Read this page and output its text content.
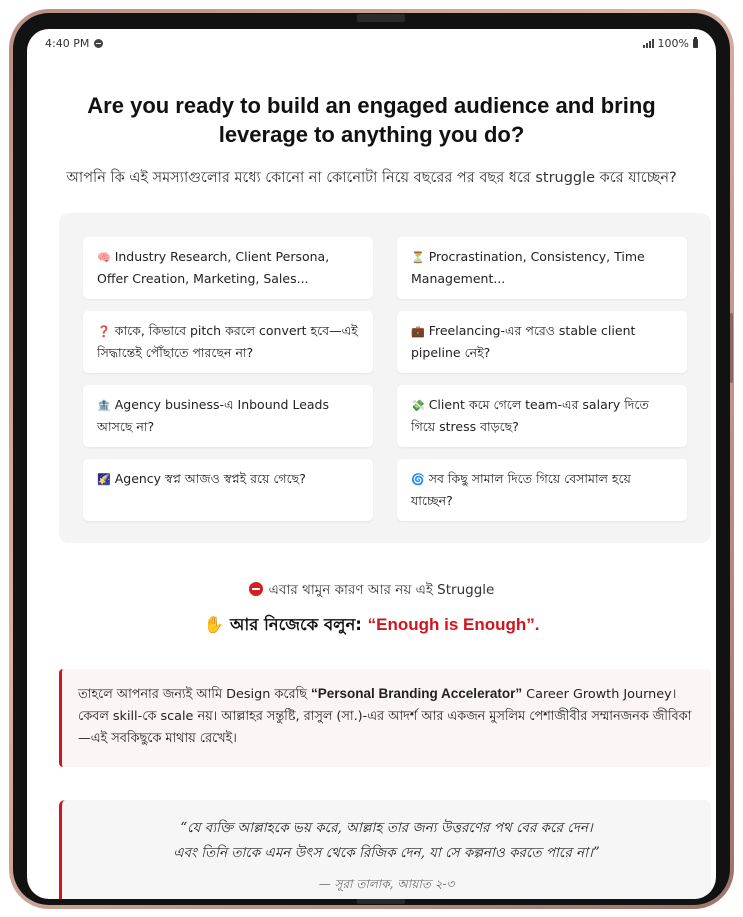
4:40 PM	100%
Are you ready to build an engaged audience and bring leverage to anything you do?
আপনি কি এই সমস্যাগুলোর মধ্যে কোনো না কোনোটা নিয়ে বছরের পর বছর ধরে struggle করে যাচ্ছেন?
🧠 Industry Research, Client Persona, Offer Creation, Marketing, Sales...
⏳ Procrastination, Consistency, Time Management...
❓ কাকে, কিভাবে pitch করলে convert হবে—এই সিদ্ধান্তেই পৌঁছাতে পারছেন না?
💼 Freelancing-এর পরেও stable client pipeline নেই?
🏦 Agency business-এ Inbound Leads আসছে না?
💸 Client কমে গেলে team-এর salary দিতে গিয়ে stress বাড়ছে?
🌠 Agency স্বপ্ন আজও স্বপ্নই রয়ে গেছে?	🌀 সব কিছু সামাল দিতে গিয়ে বেসামাল হয়ে যাচ্ছেন?
এবার থামুন কারণ আর নয় এই Struggle
✋ আর নিজেকে বলুন: “Enough is Enough”.
তাহলে আপনার জন্যই আমি Design করেছি “Personal Branding Accelerator” Career Growth Journey। কেবল skill-কে scale নয়। আল্লাহর সন্তুষ্টি, রাসুল (সা.)-এর আদর্শ আর একজন মুসলিম পেশাজীবীর সম্মানজনক জীবিকা—এই সবকিছুকে মাথায় রেখেই।
“যে ব্যক্তি আল্লাহকে ভয় করে, আল্লাহ তার জন্য উত্তরণের পথ বের করে দেন।
এবং তিনি তাকে এমন উৎস থেকে রিজিক দেন, যা সে কল্পনাও করতে পারে না।”
— সূরা তালাক, আয়াত ২-৩
